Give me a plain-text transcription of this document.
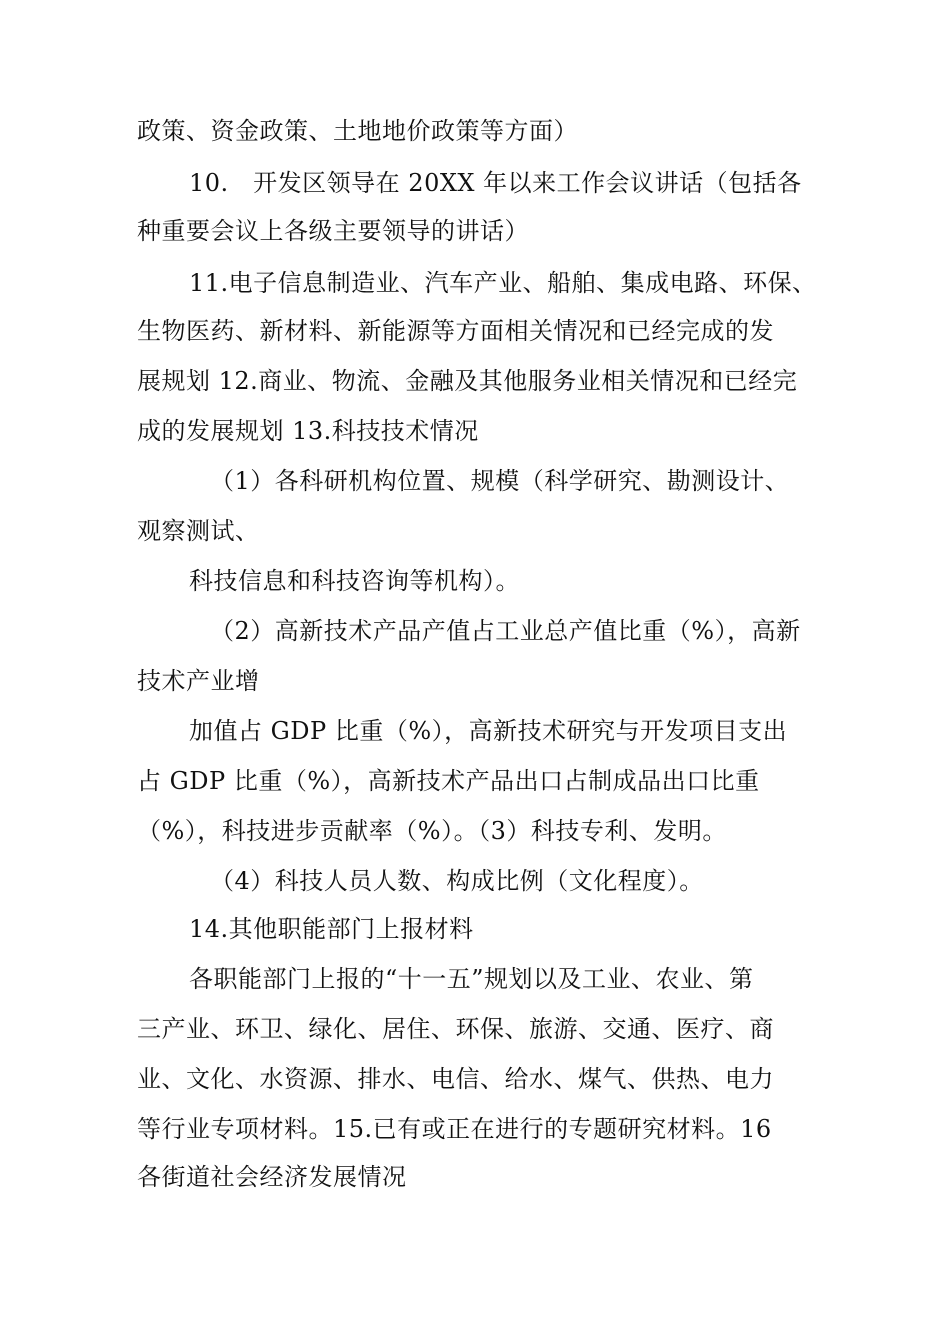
政策、资金政策、土地地价政策等方面）
10.　开发区领导在 20XX 年以来工作会议讲话（包括各
种重要会议上各级主要领导的讲话）
11.电子信息制造业、汽车产业、船舶、集成电路、环保、
生物医药、新材料、新能源等方面相关情况和已经完成的发
展规划 12.商业、物流、金融及其他服务业相关情况和已经完
成的发展规划 13.科技技术情况
（1）各科研机构位置、规模（科学研究、勘测设计、
观察测试、
科技信息和科技咨询等机构）。
（2）高新技术产品产值占工业总产值比重（%），高新
技术产业增
加值占 GDP 比重（%），高新技术研究与开发项目支出
占 GDP 比重（%），高新技术产品出口占制成品出口比重
（%），科技进步贡献率（%）。（3）科技专利、发明。
（4）科技人员人数、构成比例（文化程度）。
14.其他职能部门上报材料
各职能部门上报的“十一五”规划以及工业、农业、第
三产业、环卫、绿化、居住、环保、旅游、交通、医疗、商
业、文化、水资源、排水、电信、给水、煤气、供热、电力
等行业专项材料。15.已有或正在进行的专题研究材料。16
各街道社会经济发展情况
